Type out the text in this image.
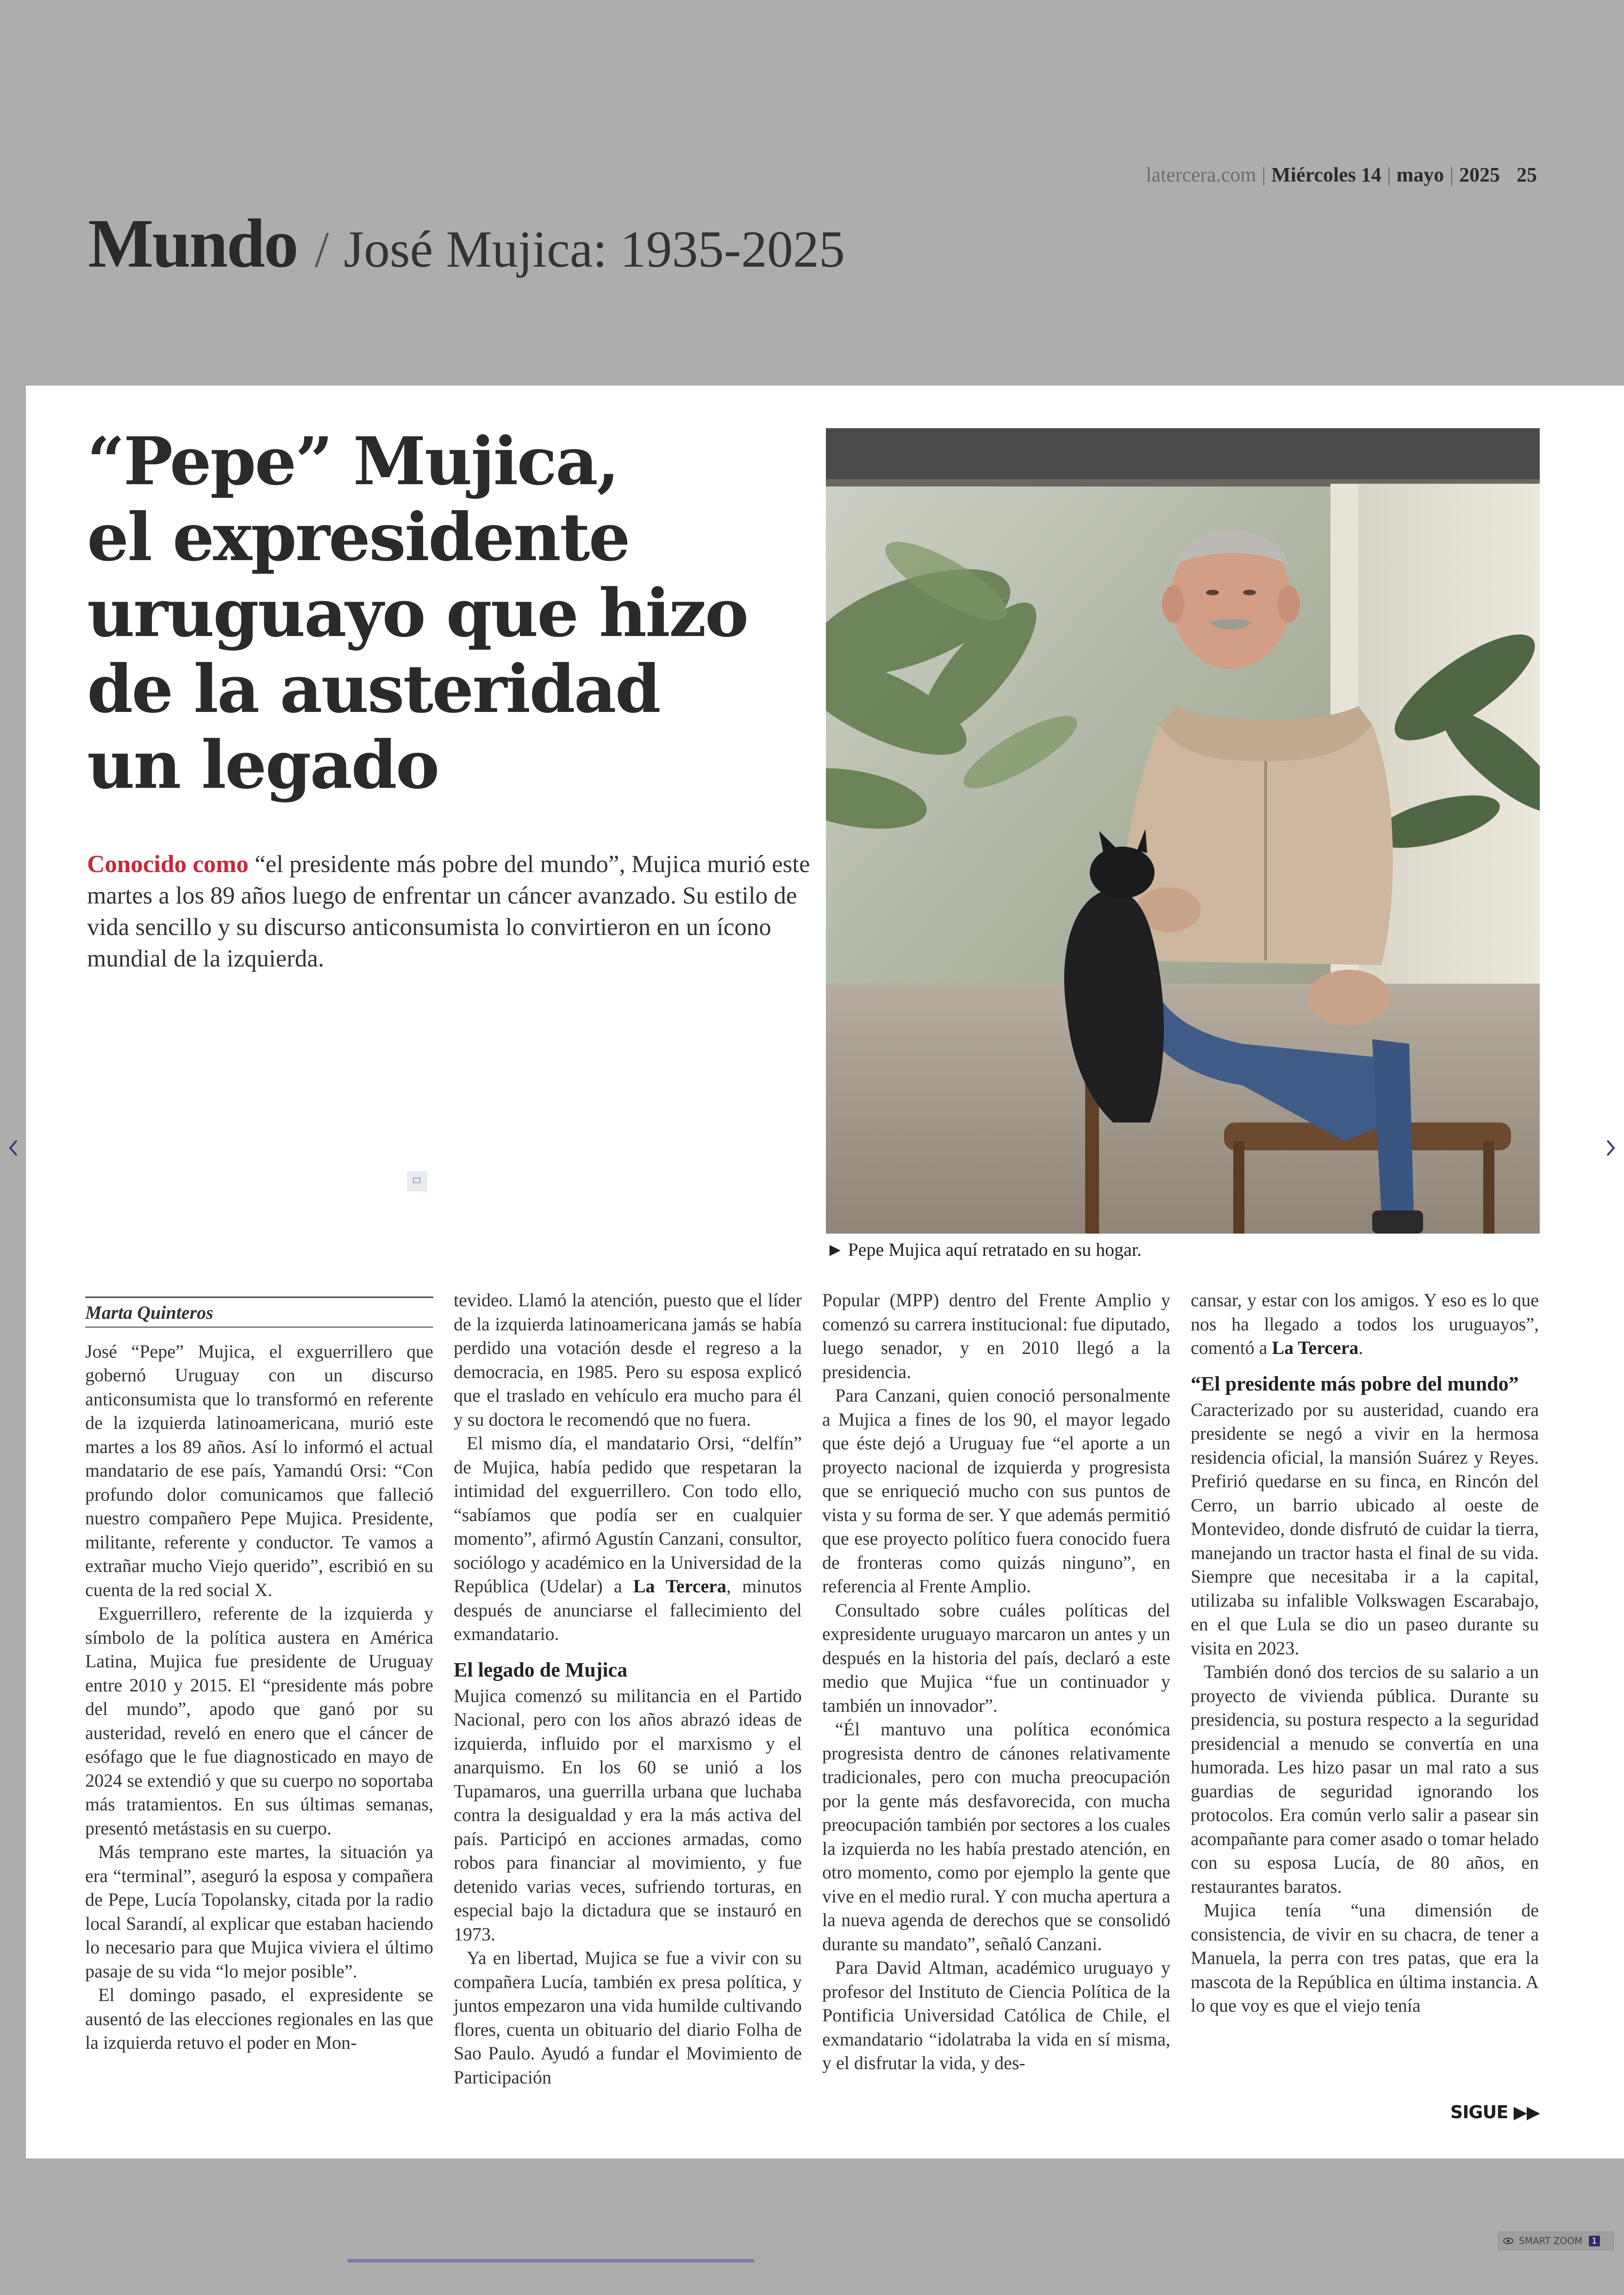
latercera.com | Miércoles 14 | mayo | 2025 25
Mundo / José Mujica: 1935-2025
“Pepe” Mujica,
el expresidente
uruguayo que hizo
de la austeridad
un legado

Conocido como “el presidente más pobre del mundo”, Mujica murió este martes a los 89 años luego de enfrentar un cáncer avanzado. Su estilo de vida sencillo y su discurso anticonsumista lo convirtieron en un ícono mundial de la izquierda.

► Pepe Mujica aquí retratado en su hogar.
Marta Quinteros

José “Pepe” Mujica, el exguerrillero que gobernó Uruguay con un discurso anticonsumista que lo transformó en referente de la izquierda latinoamericana, murió este martes a los 89 años. Así lo informó el actual mandatario de ese país, Yamandú Orsi: “Con profundo dolor comunicamos que falleció nuestro compañero Pepe Mujica. Presidente, militante, referente y conductor. Te vamos a extrañar mucho Viejo querido”, escribió en su cuenta de la red social X.

Exguerrillero, referente de la izquierda y símbolo de la política austera en América Latina, Mujica fue presidente de Uruguay entre 2010 y 2015. El “presidente más pobre del mundo”, apodo que ganó por su austeridad, reveló en enero que el cáncer de esófago que le fue diagnosticado en mayo de 2024 se extendió y que su cuerpo no soportaba más tratamientos. En sus últimas semanas, presentó metástasis en su cuerpo.

Más temprano este martes, la situación ya era “terminal”, aseguró la esposa y compañera de Pepe, Lucía Topolansky, citada por la radio local Sarandí, al explicar que estaban haciendo lo necesario para que Mujica viviera el último pasaje de su vida “lo mejor posible”.

El domingo pasado, el expresidente se ausentó de las elecciones regionales en las que la izquierda retuvo el poder en Mon-

tevideo. Llamó la atención, puesto que el líder de la izquierda latinoamericana jamás se había perdido una votación desde el regreso a la democracia, en 1985. Pero su esposa explicó que el traslado en vehículo era mucho para él y su doctora le recomendó que no fuera.

El mismo día, el mandatario Orsi, “delfín” de Mujica, había pedido que respetaran la intimidad del exguerrillero. Con todo ello, “sabíamos que podía ser en cualquier momento”, afirmó Agustín Canzani, consultor, sociólogo y académico en la Universidad de la República (Udelar) a La Tercera, minutos después de anunciarse el fallecimiento del exmandatario.

El legado de Mujica

Mujica comenzó su militancia en el Partido Nacional, pero con los años abrazó ideas de izquierda, influido por el marxismo y el anarquismo. En los 60 se unió a los Tupamaros, una guerrilla urbana que luchaba contra la desigualdad y era la más activa del país. Participó en acciones armadas, como robos para financiar al movimiento, y fue detenido varias veces, sufriendo torturas, en especial bajo la dictadura que se instauró en 1973.

Ya en libertad, Mujica se fue a vivir con su compañera Lucía, también ex presa política, y juntos empezaron una vida humilde cultivando flores, cuenta un obituario del diario Folha de Sao Paulo. Ayudó a fundar el Movimiento de Participación

Popular (MPP) dentro del Frente Amplio y comenzó su carrera institucional: fue diputado, luego senador, y en 2010 llegó a la presidencia.

Para Canzani, quien conoció personalmente a Mujica a fines de los 90, el mayor legado que éste dejó a Uruguay fue “el aporte a un proyecto nacional de izquierda y progresista que se enriqueció mucho con sus puntos de vista y su forma de ser. Y que además permitió que ese proyecto político fuera conocido fuera de fronteras como quizás ninguno”, en referencia al Frente Amplio.

Consultado sobre cuáles políticas del expresidente uruguayo marcaron un antes y un después en la historia del país, declaró a este medio que Mujica “fue un continuador y también un innovador”.

“Él mantuvo una política económica progresista dentro de cánones relativamente tradicionales, pero con mucha preocupación por la gente más desfavorecida, con mucha preocupación también por sectores a los cuales la izquierda no les había prestado atención, en otro momento, como por ejemplo la gente que vive en el medio rural. Y con mucha apertura a la nueva agenda de derechos que se consolidó durante su mandato”, señaló Canzani.

Para David Altman, académico uruguayo y profesor del Instituto de Ciencia Política de la Pontificia Universidad Católica de Chile, el exmandatario “idolatraba la vida en sí misma, y el disfrutar la vida, y des-

cansar, y estar con los amigos. Y eso es lo que nos ha llegado a todos los uruguayos”, comentó a La Tercera.

“El presidente más pobre del mundo”

Caracterizado por su austeridad, cuando era presidente se negó a vivir en la hermosa residencia oficial, la mansión Suárez y Reyes. Prefirió quedarse en su finca, en Rincón del Cerro, un barrio ubicado al oeste de Montevideo, donde disfrutó de cuidar la tierra, manejando un tractor hasta el final de su vida. Siempre que necesitaba ir a la capital, utilizaba su infalible Volkswagen Escarabajo, en el que Lula se dio un paseo durante su visita en 2023.

También donó dos tercios de su salario a un proyecto de vivienda pública. Durante su presidencia, su postura respecto a la seguridad presidencial a menudo se convertía en una humorada. Les hizo pasar un mal rato a sus guardias de seguridad ignorando los protocolos. Era común verlo salir a pasear sin acompañante para comer asado o tomar helado con su esposa Lucía, de 80 años, en restaurantes baratos.

Mujica tenía “una dimensión de consistencia, de vivir en su chacra, de tener a Manuela, la perra con tres patas, que era la mascota de la República en última instancia. A lo que voy es que el viejo tenía

SIGUE ▶▶
SMART ZOOM	1
